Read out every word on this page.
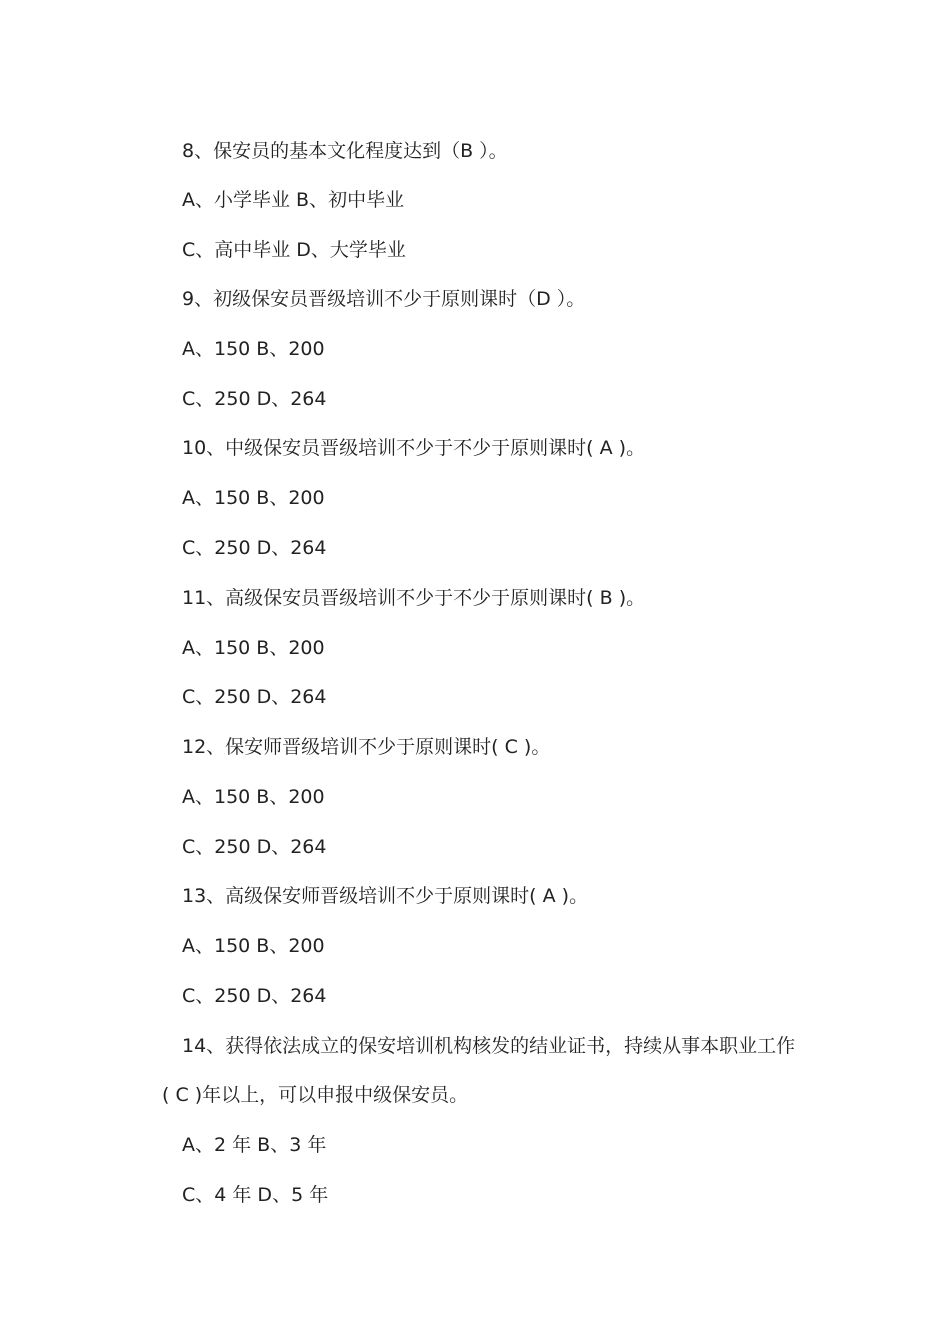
8、保安员的基本文化程度达到（B ）。
A、小学毕业 B、初中毕业
C、高中毕业 D、大学毕业
9、初级保安员晋级培训不少于原则课时（D ）。
A、150 B、200
C、250 D、264
10、中级保安员晋级培训不少于不少于原则课时( A )。
A、150 B、200
C、250 D、264
11、高级保安员晋级培训不少于不少于原则课时( B )。
A、150 B、200
C、250 D、264
12、保安师晋级培训不少于原则课时( C )。
A、150 B、200
C、250 D、264
13、高级保安师晋级培训不少于原则课时( A )。
A、150 B、200
C、250 D、264
14、获得依法成立的保安培训机构核发的结业证书，持续从事本职业工作
( C )年以上，可以申报中级保安员。
A、2 年 B、3 年
C、4 年 D、5 年
